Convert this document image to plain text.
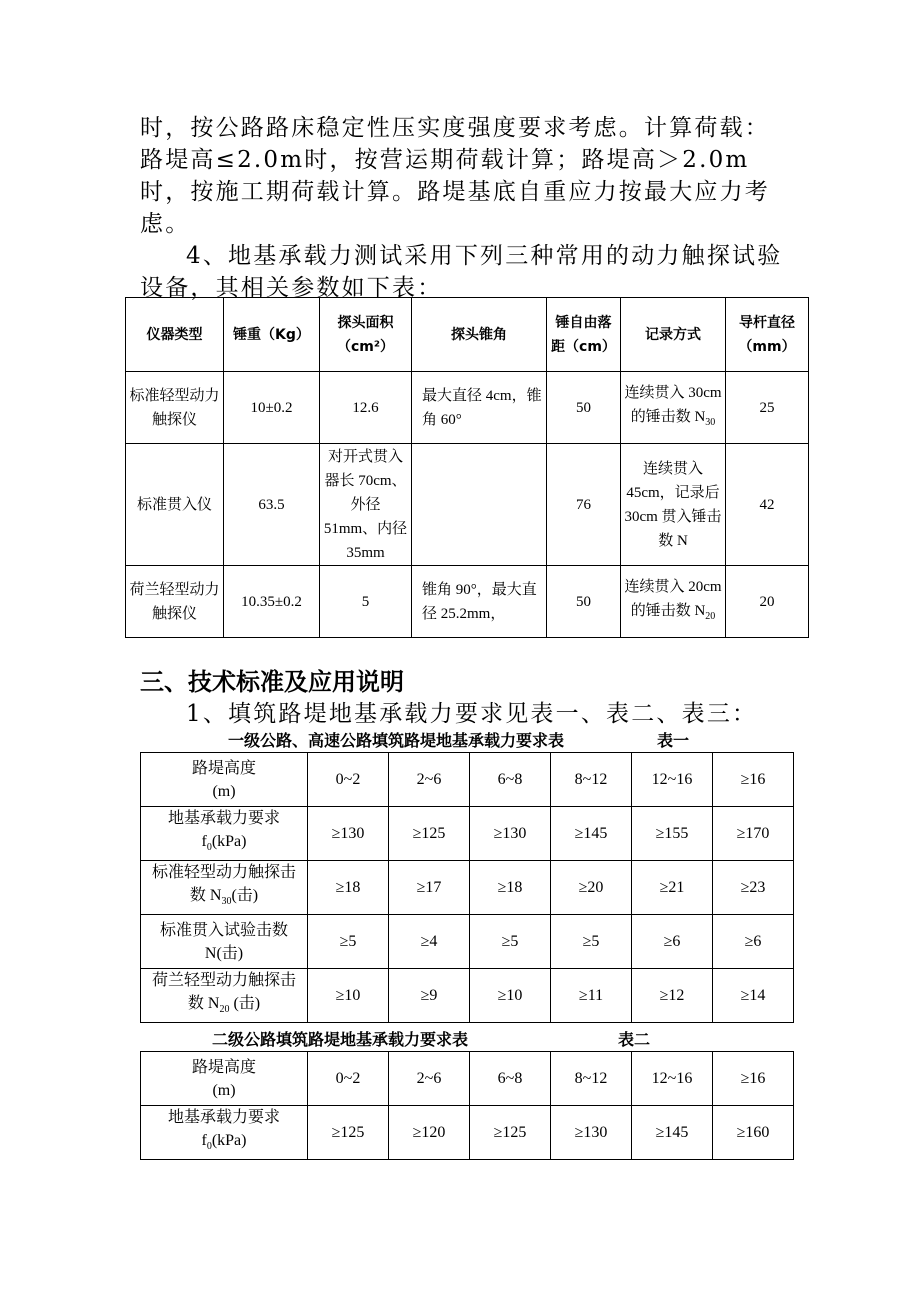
时，按公路路床稳定性压实度强度要求考虑。计算荷载：路堤高≤2.0m时，按营运期荷载计算；路堤高＞2.0m时，按施工期荷载计算。路堤基底自重应力按最大应力考虑。

4、地基承载力测试采用下列三种常用的动力触探试验设备，其相关参数如下表：

仪器类型	锤重（Kg）	探头面积（cm²）	探头锥角	锤自由落距（cm）	记录方式	导杆直径（mm）
标准轻型动力触探仪	10±0.2	12.6	最大直径 4cm，锥角 60°	50	连续贯入 30cm 的锤击数 $N_{30}$	25
标准贯入仪	63.5	对开式贯入器长 70cm、外径 51mm、内径 35mm		76	连续贯入 45cm，记录后 30cm 贯入锤击数 N	42
荷兰轻型动力触探仪	10.35±0.2	5	锥角 90°，最大直径 25.2mm，	50	连续贯入 20cm 的锤击数 $N_{20}$	20
三、技术标准及应用说明
1、填筑路堤地基承载力要求见表一、表二、表三：
一级公路、高速公路填筑路堤地基承载力要求表	表一
路堤高度
(m)	0~2	2~6	6~8	8~12	12~16	≥16
地基承载力要求
$f_0(kPa)$	≥130	≥125	≥130	≥145	≥155	≥170
标准轻型动力触探击
数 $N_{30}$(击)	≥18	≥17	≥18	≥20	≥21	≥23
标准贯入试验击数
N(击)	≥5	≥4	≥5	≥5	≥6	≥6
荷兰轻型动力触探击
数 $N_{20}$ (击)	≥10	≥9	≥10	≥11	≥12	≥14
二级公路填筑路堤地基承载力要求表	表二
路堤高度
(m)	0~2	2~6	6~8	8~12	12~16	≥16
地基承载力要求
$f_0(kPa)$	≥125	≥120	≥125	≥130	≥145	≥160
